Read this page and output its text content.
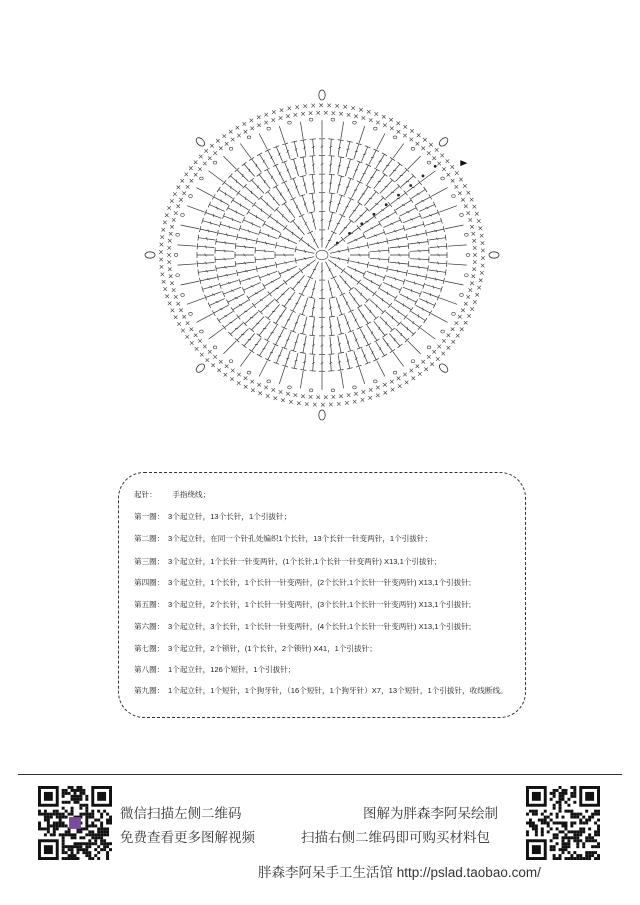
起针：  手指绕线；
第一圈： 3个起立针，13个长针，1个引拔针；
第二圈： 3个起立针，在同一个针孔处编织1个长针，13个长针一针变两针，1个引拔针；
第三圈： 3个起立针，1个长针一针变两针，(1个长针,1个长针一针变两针) X13,1个引拔针;
第四圈： 3个起立针，1个长针，1个长针一针变两针，(2个长针,1个长针一针变两针) X13,1个引拔针;
第五圈： 3个起立针，2个长针，1个长针一针变两针，(3个长针,1个长针一针变两针) X13,1个引拔针;
第六圈： 3个起立针，3个长针，1个长针一针变两针，(4个长针,1个长针一针变两针) X13,1个引拔针;
第七圈： 3个起立针，2个锁针，(1个长针，2个锁针) X41，1个引拔针；
第八圈： 1个起立针，126个短针，1个引拔针；
第九圈： 1个起立针，1个短针，1个狗牙针，（16个短针，1个狗牙针）X7，13个短针，1个引拔针，收线断线。
微信扫描左侧二维码
免费查看更多图解视频
图解为胖森李阿呆绘制
扫描右侧二维码即可购买材料包
胖森李阿呆手工生活馆 http://pslad.taobao.com/
